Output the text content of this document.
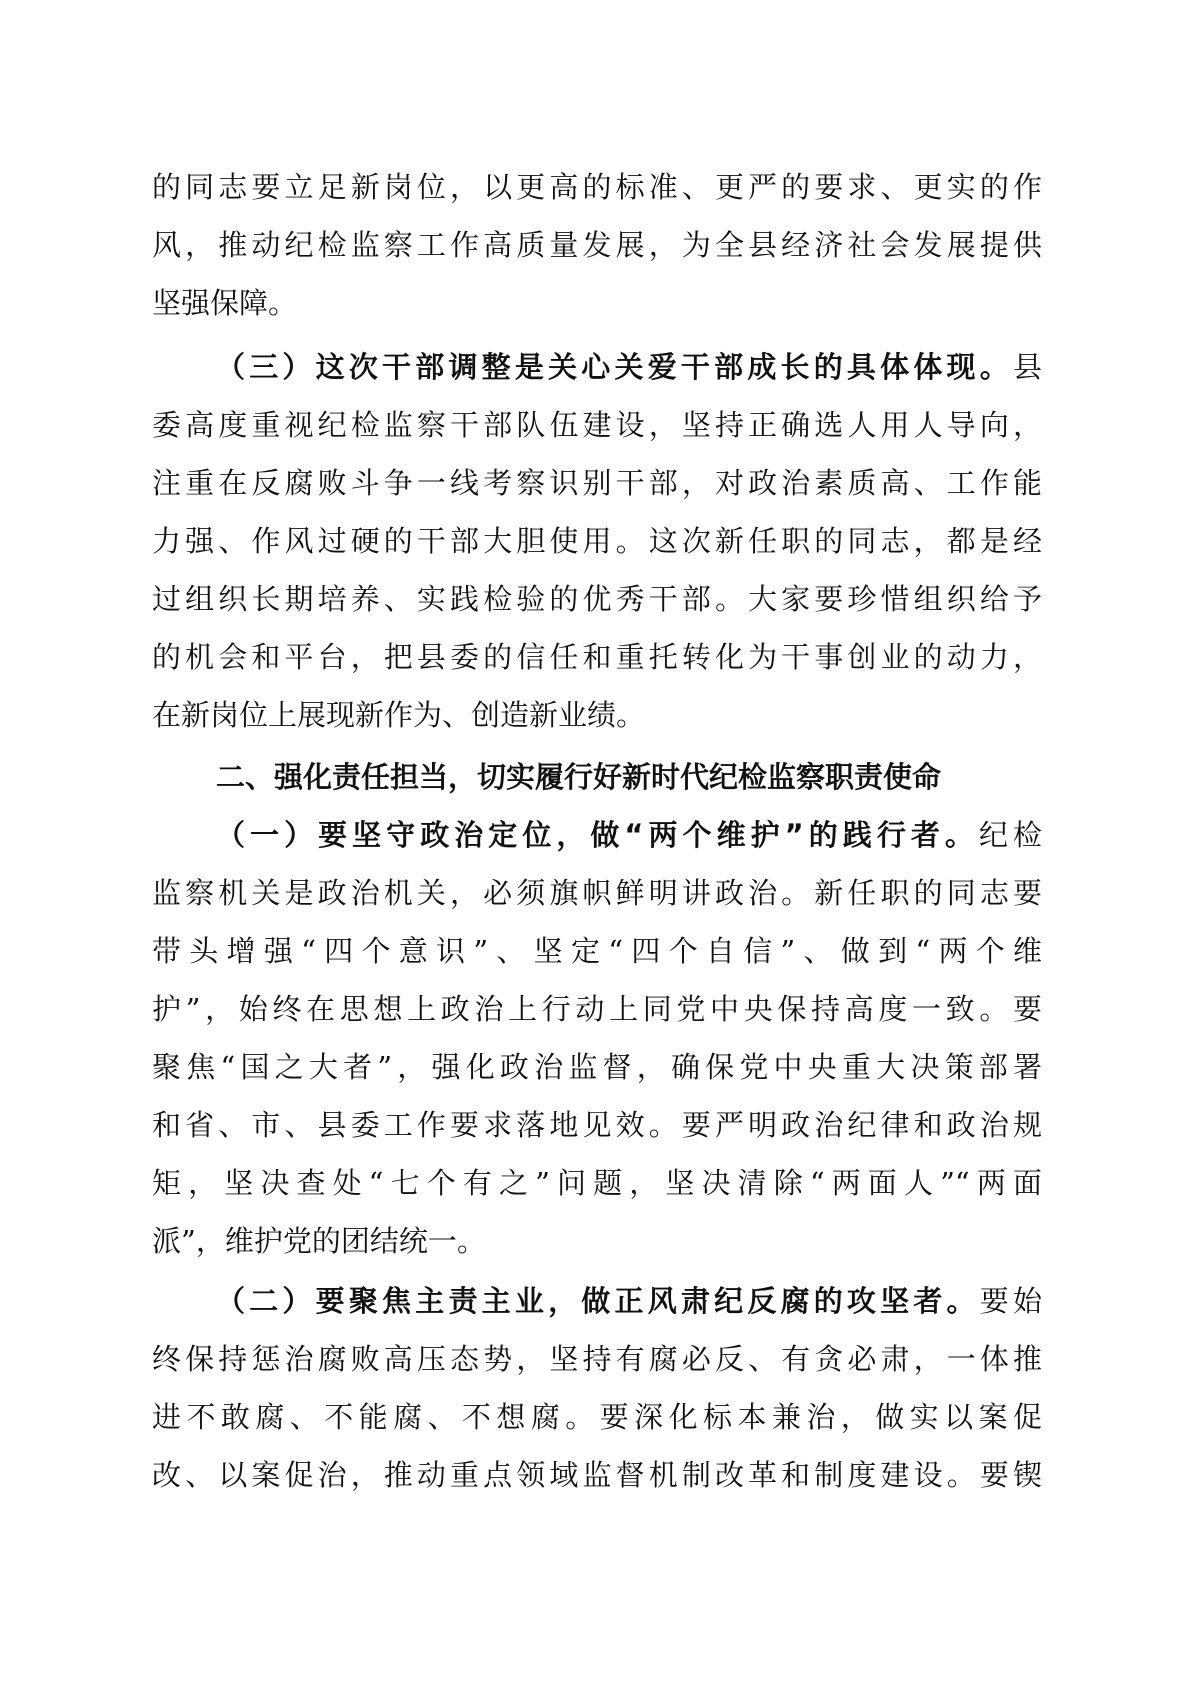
的同志要立足新岗位，以更高的标准、更严的要求、更实的作
风，推动纪检监察工作高质量发展，为全县经济社会发展提供
坚强保障。
（三）这次干部调整是关心关爱干部成长的具体体现。县
委高度重视纪检监察干部队伍建设，坚持正确选人用人导向，
注重在反腐败斗争一线考察识别干部，对政治素质高、工作能
力强、作风过硬的干部大胆使用。这次新任职的同志，都是经
过组织长期培养、实践检验的优秀干部。大家要珍惜组织给予
的机会和平台，把县委的信任和重托转化为干事创业的动力，
在新岗位上展现新作为、创造新业绩。
二、强化责任担当，切实履行好新时代纪检监察职责使命
（一）要坚守政治定位，做“两个维护”的践行者。纪检
监察机关是政治机关，必须旗帜鲜明讲政治。新任职的同志要
带头增强“四个意识”、坚定“四个自信”、做到“两个维
护”，始终在思想上政治上行动上同党中央保持高度一致。要
聚焦“国之大者”，强化政治监督，确保党中央重大决策部署
和省、市、县委工作要求落地见效。要严明政治纪律和政治规
矩，坚决查处“七个有之”问题，坚决清除“两面人”“两面
派”，维护党的团结统一。
（二）要聚焦主责主业，做正风肃纪反腐的攻坚者。要始
终保持惩治腐败高压态势，坚持有腐必反、有贪必肃，一体推
进不敢腐、不能腐、不想腐。要深化标本兼治，做实以案促
改、以案促治，推动重点领域监督机制改革和制度建设。要锲
